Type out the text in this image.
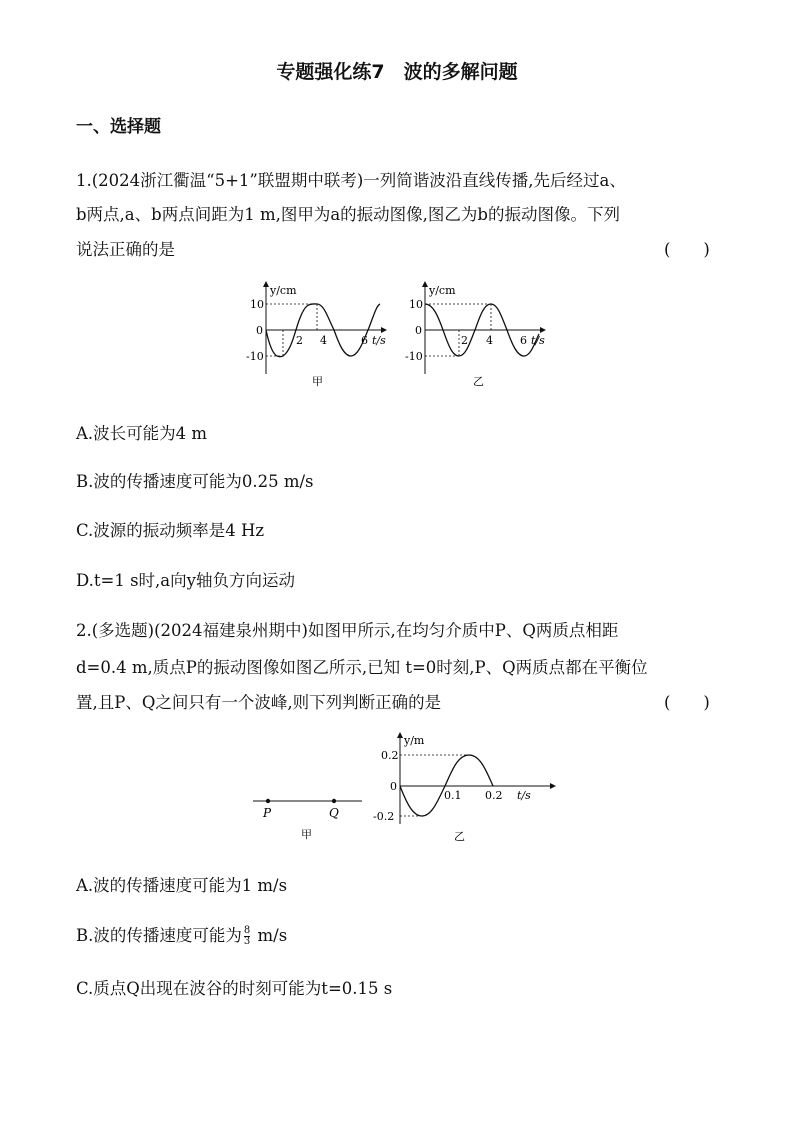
专题强化练7　波的多解问题
一、选择题
1.(2024浙江衢温“5+1”联盟期中联考)一列简谐波沿直线传播,先后经过a、
b两点,a、b两点间距为1 m,图甲为a的振动图像,图乙为b的振动图像。下列
说法正确的是	(　　)
y/cm
t/s
10
0
-10
2 4	6
甲
y/cm
t/s
10
0
-10
2 4 6
乙
A.波长可能为4 m
B.波的传播速度可能为0.25 m/s
C.波源的振动频率是4 Hz
D.t=1 s时,a向y轴负方向运动
2.(多选题)(2024福建泉州期中)如图甲所示,在均匀介质中P、Q两质点相距
d=0.4 m,质点P的振动图像如图乙所示,已知 t=0时刻,P、Q两质点都在平衡位
置,且P、Q之间只有一个波峰,则下列判断正确的是	(　　)
P	Q
甲
y/m
t/s
0.2
0
-0.2
0.1 0.2
乙
A.波的传播速度可能为1 m/s
B.波的传播速度可能为 $\frac{8}{3} m/s$
C.质点Q出现在波谷的时刻可能为t=0.15 s
